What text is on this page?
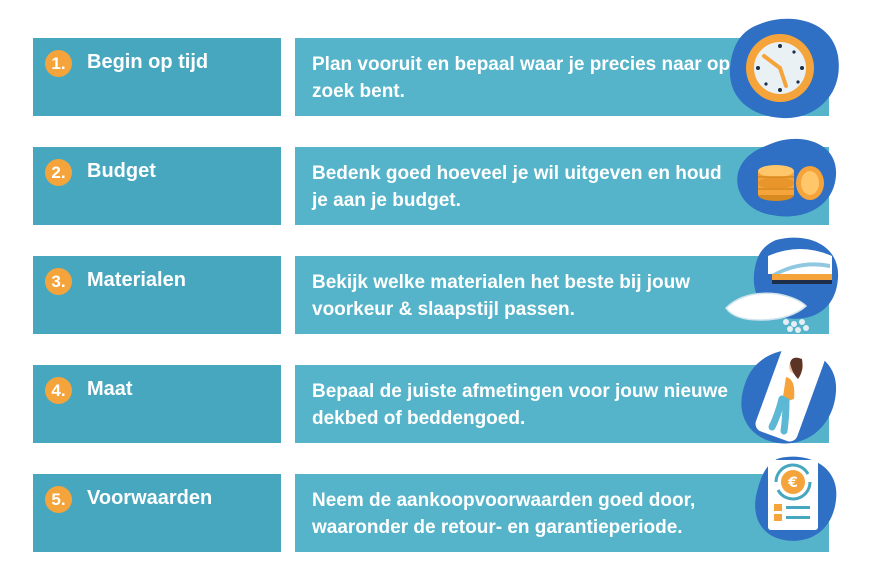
1.	Begin op tijd	Plan vooruit en bepaal waar je precies naar op zoek bent.
2.	Budget	Bedenk goed hoeveel je wil uitgeven en houd je aan je budget.
3.	Materialen	Bekijk welke materialen het beste bij jouw voorkeur & slaapstijl passen.
4.	Maat	Bepaal de juiste afmetingen voor jouw nieuwe dekbed of beddengoed.
5.	Voorwaarden	Neem de aankoopvoorwaarden goed door, waaronder de retour- en garantieperiode.
€
